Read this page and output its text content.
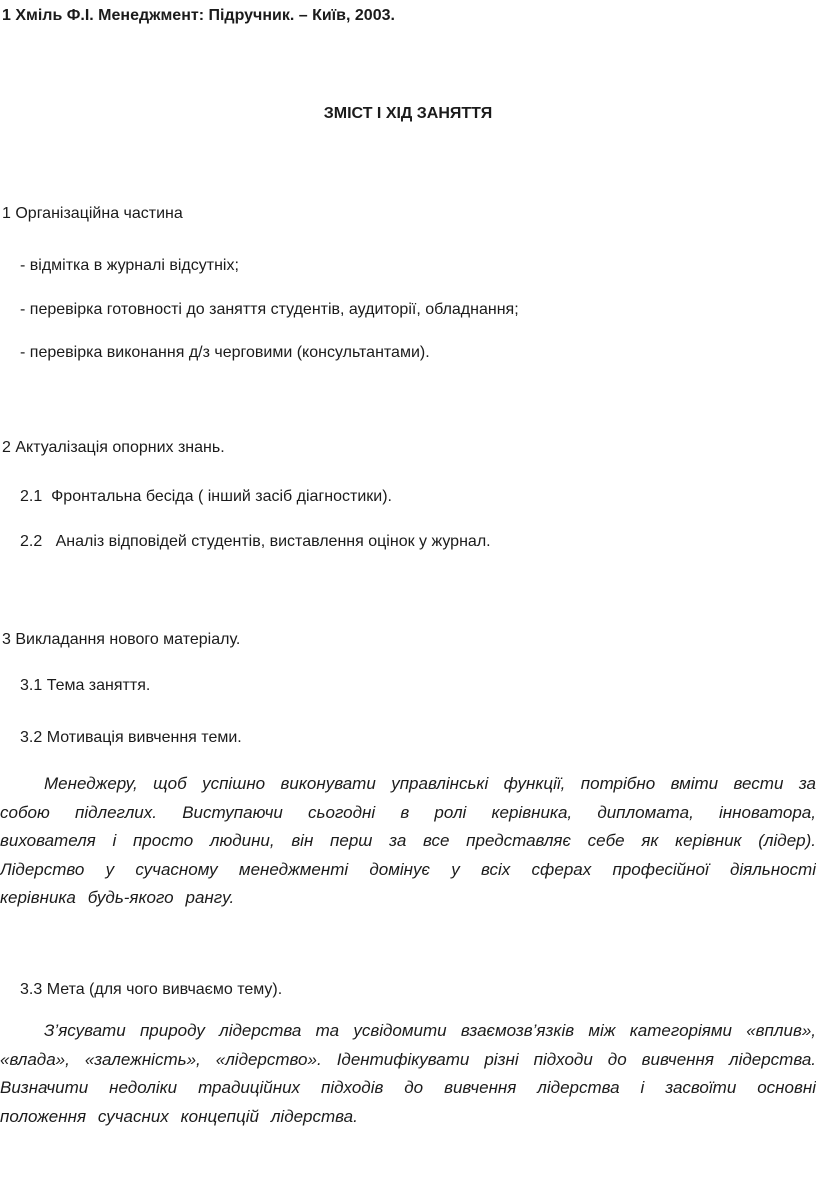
1 Хміль Ф.І. Менеджмент: Підручник. – Київ, 2003.
ЗМІСТ І ХІД ЗАНЯТТЯ
1 Організаційна частина
- відмітка в журналі відсутніх;
- перевірка готовності до заняття студентів, аудиторії, обладнання;
- перевірка виконання д/з черговими (консультантами).
2 Актуалізація опорних знань.
2.1  Фронтальна бесіда ( інший засіб діагностики).
2.2   Аналіз відповідей студентів, виставлення оцінок у журнал.
3 Викладання нового матеріалу.
3.1 Тема заняття.
3.2 Мотивація вивчення теми.
Менеджеру, щоб успішно виконувати управлінські функції, потрібно вміти вести за собою підлеглих. Виступаючи сьогодні в ролі керівника, дипломата, інноватора, вихователя і просто людини, він перш за все представляє себе як керівник (лідер). Лідерство у сучасному менеджменті домінує у всіх сферах професійної діяльності керівника будь-якого рангу.
3.3 Мета (для чого вивчаємо тему).
З’ясувати природу лідерства та усвідомити взаємозв’язків між категоріями «вплив», «влада», «залежність», «лідерство». Ідентифікувати різні підходи до вивчення лідерства. Визначити недоліки традиційних підходів до вивчення лідерства і засвоїти основні положення сучасних концепцій лідерства.
